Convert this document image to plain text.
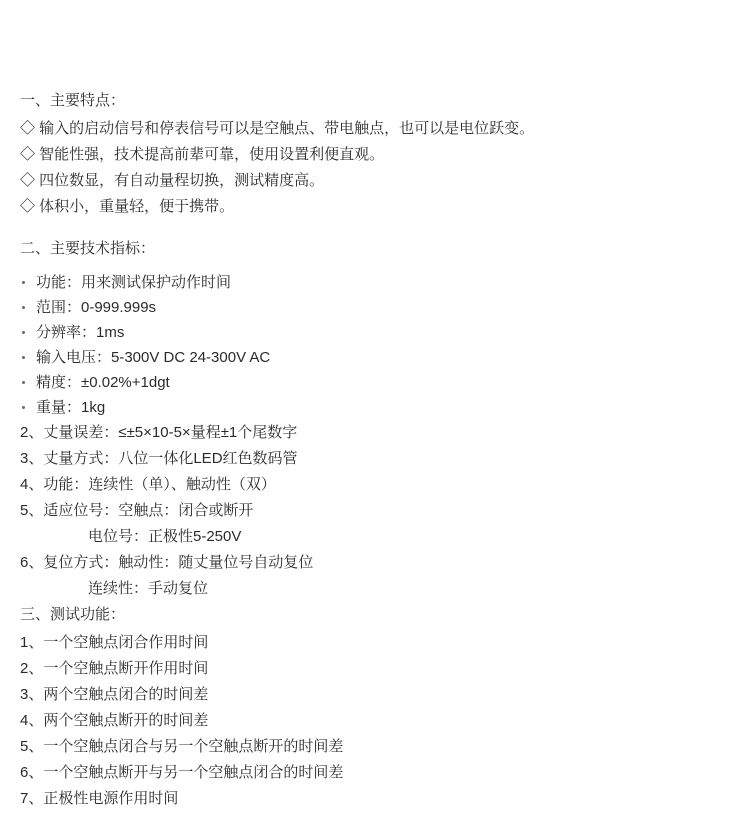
一、主要特点：

◇ 输入的启动信号和停表信号可以是空触点、带电触点，也可以是电位跃变。

◇ 智能性强，技术提高前辈可靠，使用设置利便直观。

◇ 四位数显，有自动量程切换，测试精度高。

◇ 体积小，重量轻，便于携带。

二、主要技术指标：

功能：用来测试保护动作时间
范围：0-999.999s
分辨率：1ms
输入电压：5-300V DC 24-300V AC
精度：±0.02%+1dgt
重量：1kg

2、丈量误差：≤±5×10-5×量程±1个尾数字

3、丈量方式：八位一体化LED红色数码管

4、功能：连续性（单）、触动性（双）

5、适应位号：空触点：闭合或断开

电位号：正极性5-250V

6、复位方式：触动性：随丈量位号自动复位

连续性：手动复位

三、测试功能：

1、一个空触点闭合作用时间

2、一个空触点断开作用时间

3、两个空触点闭合的时间差

4、两个空触点断开的时间差

5、一个空触点闭合与另一个空触点断开的时间差

6、一个空触点断开与另一个空触点闭合的时间差

7、正极性电源作用时间
